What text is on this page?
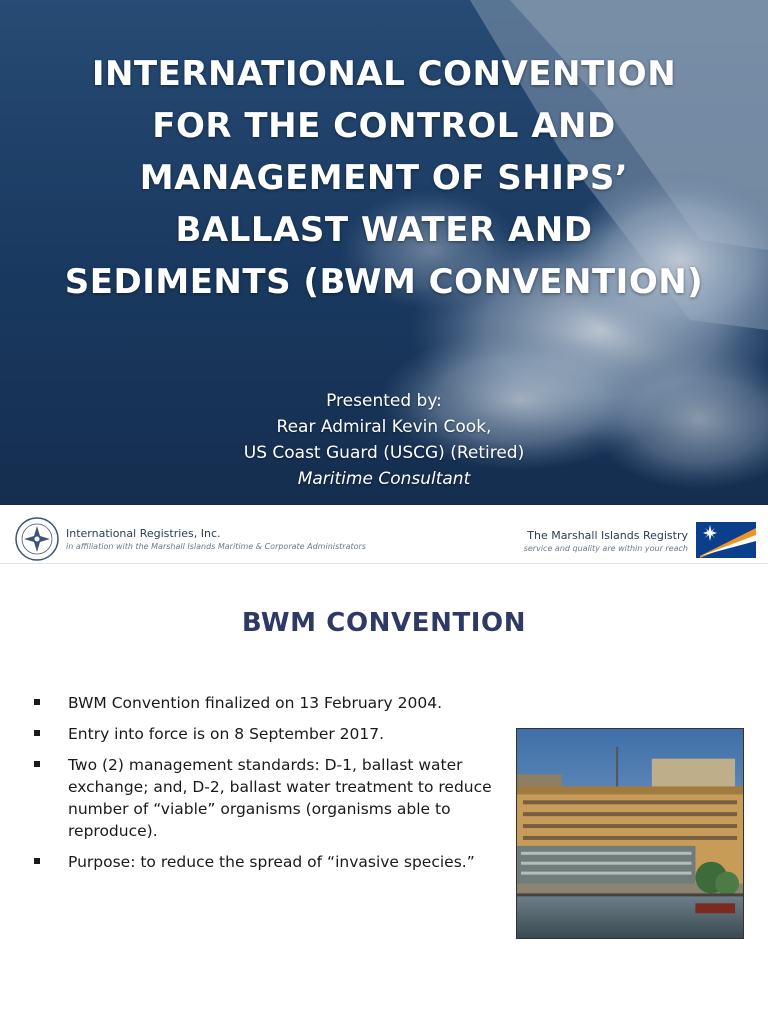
INTERNATIONAL CONVENTION
FOR THE CONTROL AND
MANAGEMENT OF SHIPS’
BALLAST WATER AND
SEDIMENTS (BWM CONVENTION)
Presented by:
Rear Admiral Kevin Cook,
US Coast Guard (USCG) (Retired)
Maritime Consultant
International Registries, Inc.
in affiliation with the Marshall Islands Maritime & Corporate Administrators
The Marshall Islands Registry
service and quality are within your reach
BWM CONVENTION
BWM Convention finalized on 13 February 2004.
Entry into force is on 8 September 2017.
Two (2) management standards: D-1, ballast water exchange; and, D-2, ballast water treatment to reduce number of “viable” organisms (organisms able to reproduce).
Purpose: to reduce the spread of “invasive species.”
